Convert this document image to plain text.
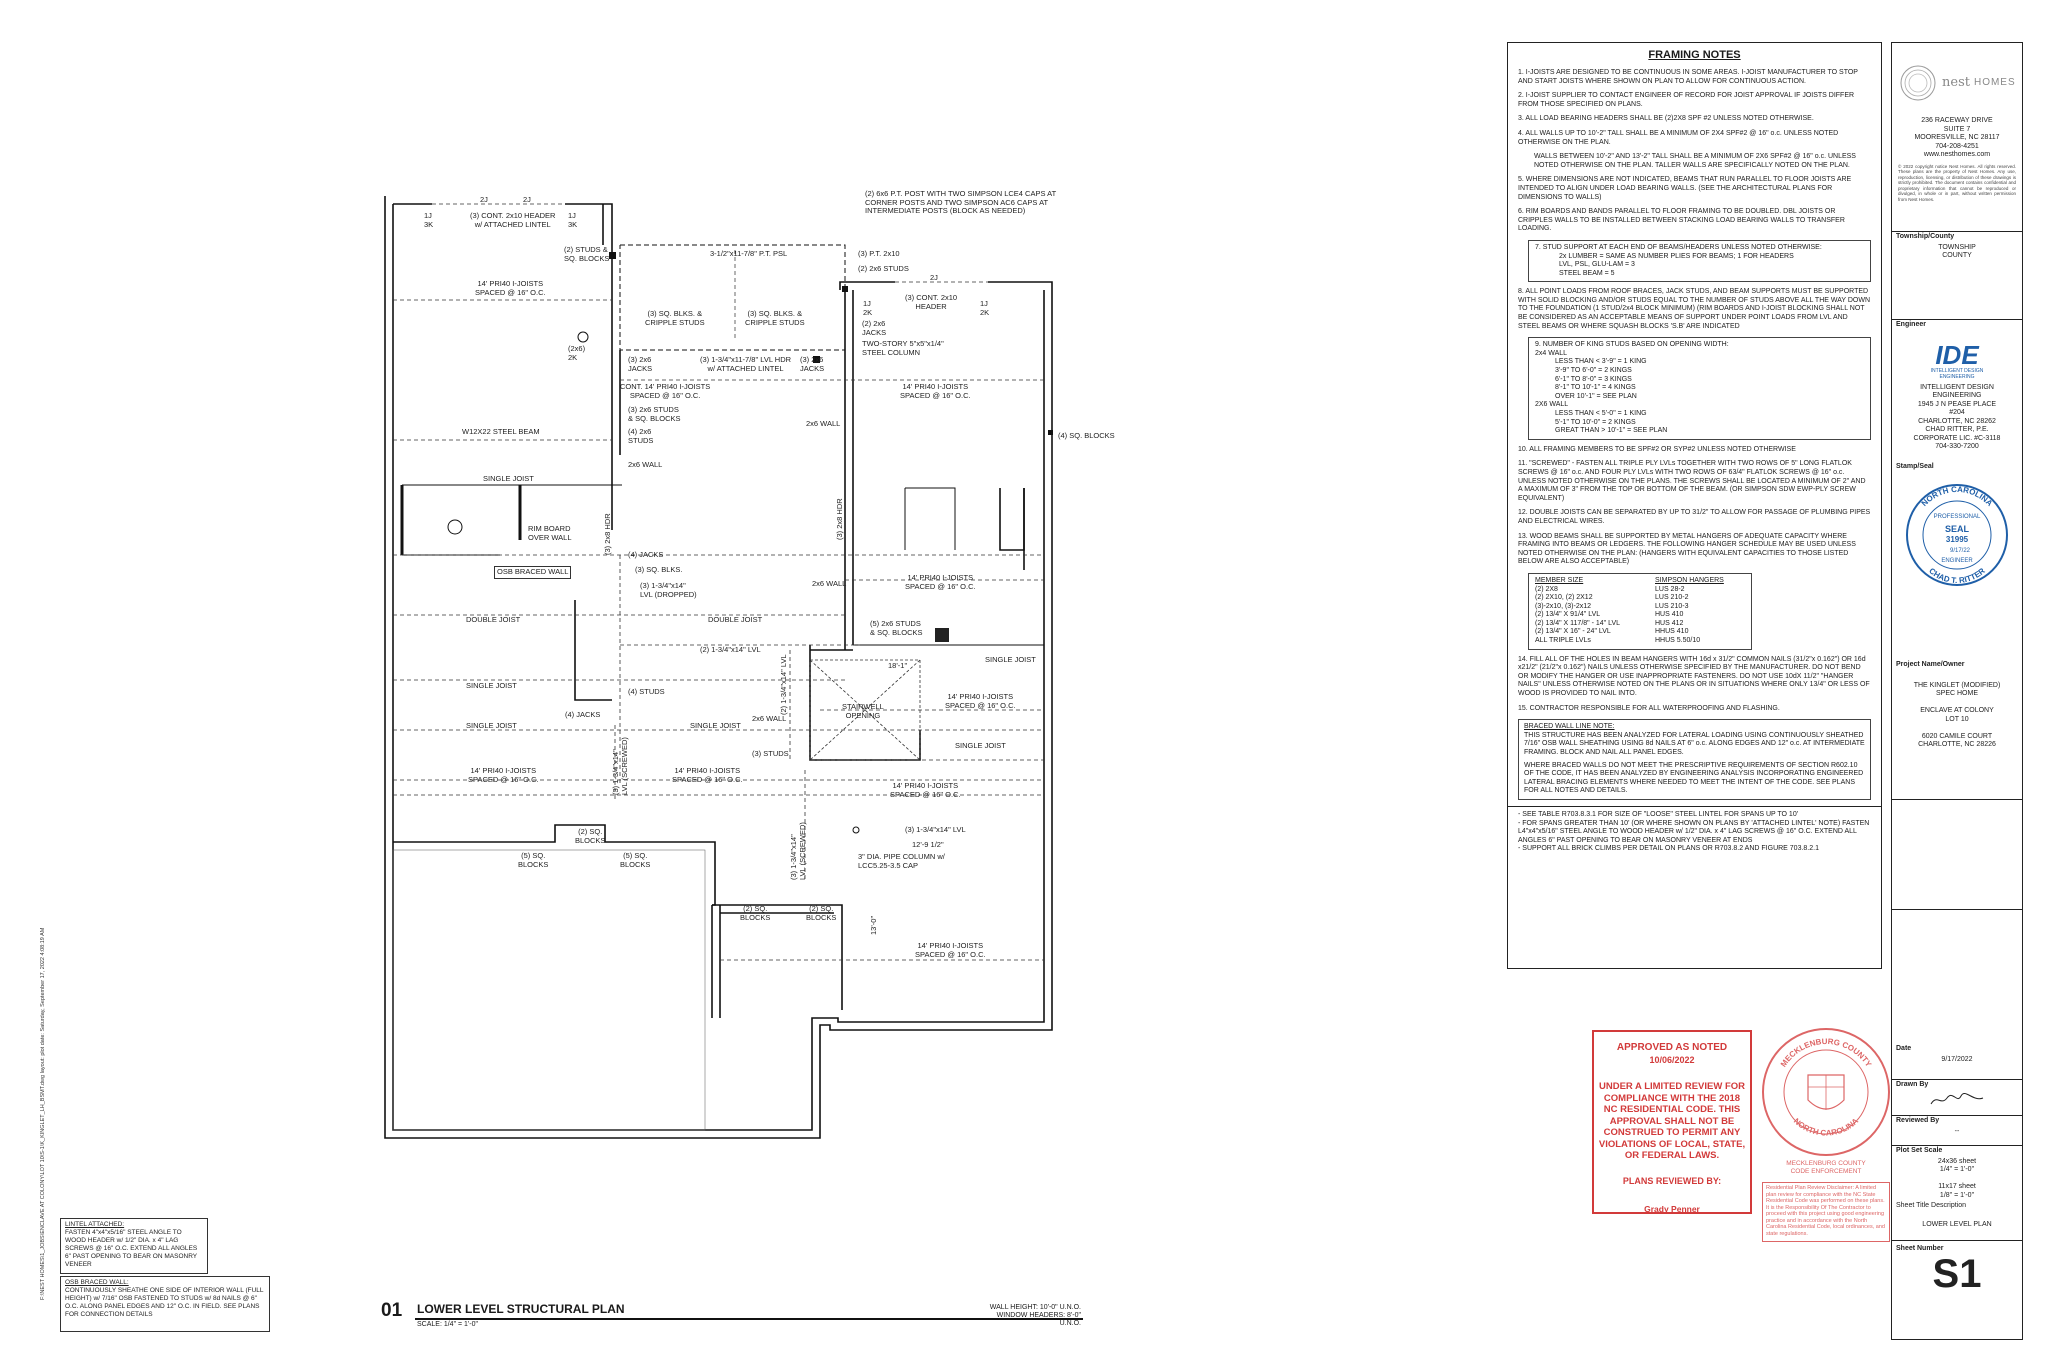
(3) CONT. 2x10 HEADER
w/ ATTACHED LINTEL
1J
3K
1J
3K
2J	2J
(2) STUDS &
SQ. BLOCKS
(2) 6x6 P.T. POST WITH TWO SIMPSON LCE4 CAPS AT
CORNER POSTS AND TWO SIMPSON AC6 CAPS AT
INTERMEDIATE POSTS (BLOCK AS NEEDED)
3-1/2"x11-7/8" P.T. PSL	(3) P.T. 2x10
(2) 2x6 STUDS
2J
(3) CONT. 2x10
HEADER
1J
2K
1J
2K
14' PRI40 I-JOISTS
SPACED @ 16" O.C.
(3) SQ. BLKS. &
CRIPPLE STUDS
(3) SQ. BLKS. &
CRIPPLE STUDS	(2) 2x6
JACKS
TWO-STORY 5"x5"x1/4"
STEEL COLUMN
(2x6)
2K	(3) 2x6
JACKS
(3) 1-3/4"x11-7/8" LVL HDR
w/ ATTACHED LINTEL
(3) 2x6
JACKS
CONT. 14' PRI40 I-JOISTS
SPACED @ 16" O.C.
14' PRI40 I-JOISTS
SPACED @ 16" O.C.
(3) 2x6 STUDS
& SQ. BLOCKS
W12X22 STEEL BEAM	(4) 2x6
STUDS
2x6 WALL
2x6 WALL
(4) SQ. BLOCKS
SINGLE JOIST
RIM BOARD
OVER WALL	(3) 2x8 HDR	(3) 2x8 HDR
(4) JACKS
OSB BRACED WALL	(3) SQ. BLKS.
2x6 WALL
14' PRI40 I-JOISTS
SPACED @ 16" O.C.
(3) 1-3/4"x14"
LVL (DROPPED)
DOUBLE JOIST	DOUBLE JOIST	(5) 2x6 STUDS
& SQ. BLOCKS
(2) 1-3/4"x14" LVL
SINGLE JOIST
18'-1"
SINGLE JOIST
(4) STUDS	(2) 1-3/4"x14" LVL	14' PRI40 I-JOISTS
SPACED @ 16" O.C.
STAIRWELL
OPENING
(4) JACKS	2x6 WALL
SINGLE JOIST	SINGLE JOIST
(3) STUDS
SINGLE JOIST
14' PRI40 I-JOISTS
SPACED @ 16" O.C.
(3) 1-3/4"x14"
LVL (SCREWED)	14' PRI40 I-JOISTS
SPACED @ 16" O.C.
14' PRI40 I-JOISTS
SPACED @ 16" O.C.
(2) SQ.
BLOCKS
(5) SQ.
BLOCKS
(5) SQ.
BLOCKS
(3) 1-3/4"x14"
LVL (SCREWED)	(3) 1-3/4"x14" LVL
12'-9 1/2"
3" DIA. PIPE COLUMN w/
LCC5.25-3.5 CAP
(2) SQ.
BLOCKS
(2) SQ.
BLOCKS
14' PRI40 I-JOISTS
SPACED @ 16" O.C.
13'-0"
01 LOWER LEVEL STRUCTURAL PLAN
SCALE: 1/4" = 1'-0"
WALL HEIGHT: 10'-0" U.N.O.
WINDOW HEADERS: 8'-0" U.N.O.
LINTEL ATTACHED:
FASTEN 4"x4"x5/16" STEEL ANGLE TO WOOD HEADER w/ 1/2" DIA. x 4" LAG SCREWS @ 16" O.C. EXTEND ALL ANGLES 6" PAST OPENING TO BEAR ON MASONRY VENEER
OSB BRACED WALL:
CONTINUOUSLY SHEATHE ONE SIDE OF INTERIOR WALL (FULL HEIGHT) w/ 7/16" OSB FASTENED TO STUDS w/ 8d NAILS @ 6" O.C. ALONG PANEL EDGES AND 12" O.C. IN FIELD. SEE PLANS FOR CONNECTION DETAILS
F:\NEST HOMES\1_JOBS\ENCLAVE AT COLONY\LOT 10\S-1\K_KINGLET_LH_BSMT.dwg layout: plot date: Saturday, September 17, 2022 4:08:19 AM
FRAMING NOTES
1. I-JOISTS ARE DESIGNED TO BE CONTINUOUS IN SOME AREAS. I-JOIST MANUFACTURER TO STOP AND START JOISTS WHERE SHOWN ON PLAN TO ALLOW FOR CONTINUOUS ACTION.
2. I-JOIST SUPPLIER TO CONTACT ENGINEER OF RECORD FOR JOIST APPROVAL IF JOISTS DIFFER FROM THOSE SPECIFIED ON PLANS.
3. ALL LOAD BEARING HEADERS SHALL BE (2)2X8 SPF #2 UNLESS NOTED OTHERWISE.
4. ALL WALLS UP TO 10'-2" TALL SHALL BE A MINIMUM OF 2X4 SPF#2 @ 16" o.c. UNLESS NOTED OTHERWISE ON THE PLAN.
WALLS BETWEEN 10'-2" AND 13'-2" TALL SHALL BE A MINIMUM OF 2X6 SPF#2 @ 16" o.c. UNLESS NOTED OTHERWISE ON THE PLAN. TALLER WALLS ARE SPECIFICALLY NOTED ON THE PLAN.
5. WHERE DIMENSIONS ARE NOT INDICATED, BEAMS THAT RUN PARALLEL TO FLOOR JOISTS ARE INTENDED TO ALIGN UNDER LOAD BEARING WALLS. (SEE THE ARCHITECTURAL PLANS FOR DIMENSIONS TO WALLS)
6. RIM BOARDS AND BANDS PARALLEL TO FLOOR FRAMING TO BE DOUBLED. DBL JOISTS OR CRIPPLES WALLS TO BE INSTALLED BETWEEN STACKING LOAD BEARING WALLS TO TRANSFER LOADING.
7. STUD SUPPORT AT EACH END OF BEAMS/HEADERS UNLESS NOTED OTHERWISE:
2x LUMBER = SAME AS NUMBER PLIES FOR BEAMS; 1 FOR HEADERS
LVL, PSL, GLU-LAM = 3
STEEL BEAM = 5
8. ALL POINT LOADS FROM ROOF BRACES, JACK STUDS, AND BEAM SUPPORTS MUST BE SUPPORTED WITH SOLID BLOCKING AND/OR STUDS EQUAL TO THE NUMBER OF STUDS ABOVE ALL THE WAY DOWN TO THE FOUNDATION (1 STUD/2x4 BLOCK MINIMUM) (RIM BOARDS AND I-JOIST BLOCKING SHALL NOT BE CONSIDERED AS AN ACCEPTABLE MEANS OF SUPPORT UNDER POINT LOADS FROM LVL AND STEEL BEAMS OR WHERE SQUASH BLOCKS 'S.B' ARE INDICATED
9. NUMBER OF KING STUDS BASED ON OPENING WIDTH:
2x4 WALL
LESS THAN < 3'-9" = 1 KING
3'-9" TO 6'-0" = 2 KINGS
6'-1" TO 8'-0" = 3 KINGS
8'-1" TO 10'-1" = 4 KINGS
OVER 10'-1" = SEE PLAN
2X6 WALL
LESS THAN < 5'-0" = 1 KING
5'-1" TO 10'-0" = 2 KINGS
GREAT THAN > 10'-1" = SEE PLAN
10. ALL FRAMING MEMBERS TO BE SPF#2 OR SYP#2 UNLESS NOTED OTHERWISE
11. "SCREWED" - FASTEN ALL TRIPLE PLY LVLs TOGETHER WITH TWO ROWS OF 5" LONG FLATLOK SCREWS @ 16" o.c. AND FOUR PLY LVLs WITH TWO ROWS OF 63/4" FLATLOK SCREWS @ 16" o.c. UNLESS NOTED OTHERWISE ON THE PLANS. THE SCREWS SHALL BE LOCATED A MINIMUM OF 2" AND A MAXIMUM OF 3" FROM THE TOP OR BOTTOM OF THE BEAM. (OR SIMPSON SDW EWP-PLY SCREW EQUIVALENT)
12. DOUBLE JOISTS CAN BE SEPARATED BY UP TO 31/2" TO ALLOW FOR PASSAGE OF PLUMBING PIPES AND ELECTRICAL WIRES.
13. WOOD BEAMS SHALL BE SUPPORTED BY METAL HANGERS OF ADEQUATE CAPACITY WHERE FRAMING INTO BEAMS OR LEDGERS. THE FOLLOWING HANGER SCHEDULE MAY BE USED UNLESS NOTED OTHERWISE ON THE PLAN: (HANGERS WITH EQUIVALENT CAPACITIES TO THOSE LISTED BELOW ARE ALSO ACCEPTABLE)
MEMBER SIZE	SIMPSON HANGERS
(2) 2X8	LUS 28-2
(2) 2X10, (2) 2X12	LUS 210-2
(3)-2x10, (3)-2x12	LUS 210-3
(2) 13/4" X 91/4" LVL	HUS 410
(2) 13/4" X 117/8" - 14" LVL	HUS 412
(2) 13/4" X 16" - 24" LVL	HHUS 410
ALL TRIPLE LVLs	HHUS 5.50/10
14. FILL ALL OF THE HOLES IN BEAM HANGERS WITH 16d x 31/2" COMMON NAILS (31/2"x 0.162") OR 16d x21/2" (21/2"x 0.162") NAILS UNLESS OTHERWISE SPECIFIED BY THE MANUFACTURER. DO NOT BEND OR MODIFY THE HANGER OR USE INAPPROPRIATE FASTENERS. DO NOT USE 10dX 11/2" "HANGER NAILS" UNLESS OTHERWISE NOTED ON THE PLANS OR IN SITUATIONS WHERE ONLY 13/4" OR LESS OF WOOD IS PROVIDED TO NAIL INTO.
15. CONTRACTOR RESPONSIBLE FOR ALL WATERPROOFING AND FLASHING.
BRACED WALL LINE NOTE:
THIS STRUCTURE HAS BEEN ANALYZED FOR LATERAL LOADING USING CONTINUOUSLY SHEATHED 7/16" OSB WALL SHEATHING USING 8d NAILS AT 6" o.c. ALONG EDGES AND 12" o.c. AT INTERMEDIATE FRAMING. BLOCK AND NAIL ALL PANEL EDGES.
WHERE BRACED WALLS DO NOT MEET THE PRESCRIPTIVE REQUIREMENTS OF SECTION R602.10 OF THE CODE, IT HAS BEEN ANALYZED BY ENGINEERING ANALYSIS INCORPORATING ENGINEERED LATERAL BRACING ELEMENTS WHERE NEEDED TO MEET THE INTENT OF THE CODE. SEE PLANS FOR ALL NOTES AND DETAILS.
- SEE TABLE R703.8.3.1 FOR SIZE OF "LOOSE" STEEL LINTEL FOR SPANS UP TO 10'
- FOR SPANS GREATER THAN 10' (OR WHERE SHOWN ON PLANS BY 'ATTACHED LINTEL' NOTE) FASTEN L4"x4"x5/16" STEEL ANGLE TO WOOD HEADER w/ 1/2" DIA. x 4" LAG SCREWS @ 16" O.C. EXTEND ALL ANGLES 6" PAST OPENING TO BEAR ON MASONRY VENEER AT ENDS
- SUPPORT ALL BRICK CLIMBS PER DETAIL ON PLANS OR R703.8.2 AND FIGURE 703.8.2.1
APPROVED AS NOTED
10/06/2022
UNDER A LIMITED REVIEW FOR
COMPLIANCE WITH THE 2018
NC RESIDENTIAL CODE. THIS
APPROVAL SHALL NOT BE
CONSTRUED TO PERMIT ANY
VIOLATIONS OF LOCAL, STATE,
OR FEDERAL LAWS.
PLANS REVIEWED BY:
Grady Penner
MECKLENBURG COUNTY
NORTH CAROLINA
MECKLENBURG COUNTY
CODE ENFORCEMENT
Residential Plan Review Disclaimer: A limited plan review for compliance with the NC State Residential Code was performed on these plans. It is the Responsibility Of The Contractor to proceed with this project using good engineering practice and in accordance with the North Carolina Residential Code, local ordinances, and state regulations.
nest HOMES
236 RACEWAY DRIVE
SUITE 7
MOORESVILLE, NC 28117
704-208-4251
www.nesthomes.com
© 2022 copyright notice Nest Homes. All rights reserved. These plans are the property of Nest Homes. Any use, reproduction, licensing, or distribution of these drawings is strictly prohibited. The document contains confidential and proprietary information that cannot be reproduced or divulged, in whole or in part, without written permission from Nest Homes.
Township/County
TOWNSHIP
COUNTY
Engineer
IDE
INTELLIGENT DESIGN
ENGINEERING
INTELLIGENT DESIGN
ENGINEERING
1945 J N PEASE PLACE
#204
CHARLOTTE, NC 28262
CHAD RITTER, P.E.
CORPORATE LIC. #C-3118
704-330-7200
Stamp/Seal
NORTH CAROLINA
CHAD T. RITTER
PROFESSIONAL
SEAL
31995
9/17/22
ENGINEER
Project Name/Owner
THE KINGLET (MODIFIED)
SPEC HOME

ENCLAVE AT COLONY
LOT 10

6020 CAMILE COURT
CHARLOTTE, NC 28226
Date
9/17/2022
Drawn By
Reviewed By
--
Plot Set Scale
24x36 sheet
1/4" = 1'-0"

11x17 sheet
1/8" = 1'-0"
Sheet Title Description
LOWER LEVEL PLAN
Sheet Number
S1
